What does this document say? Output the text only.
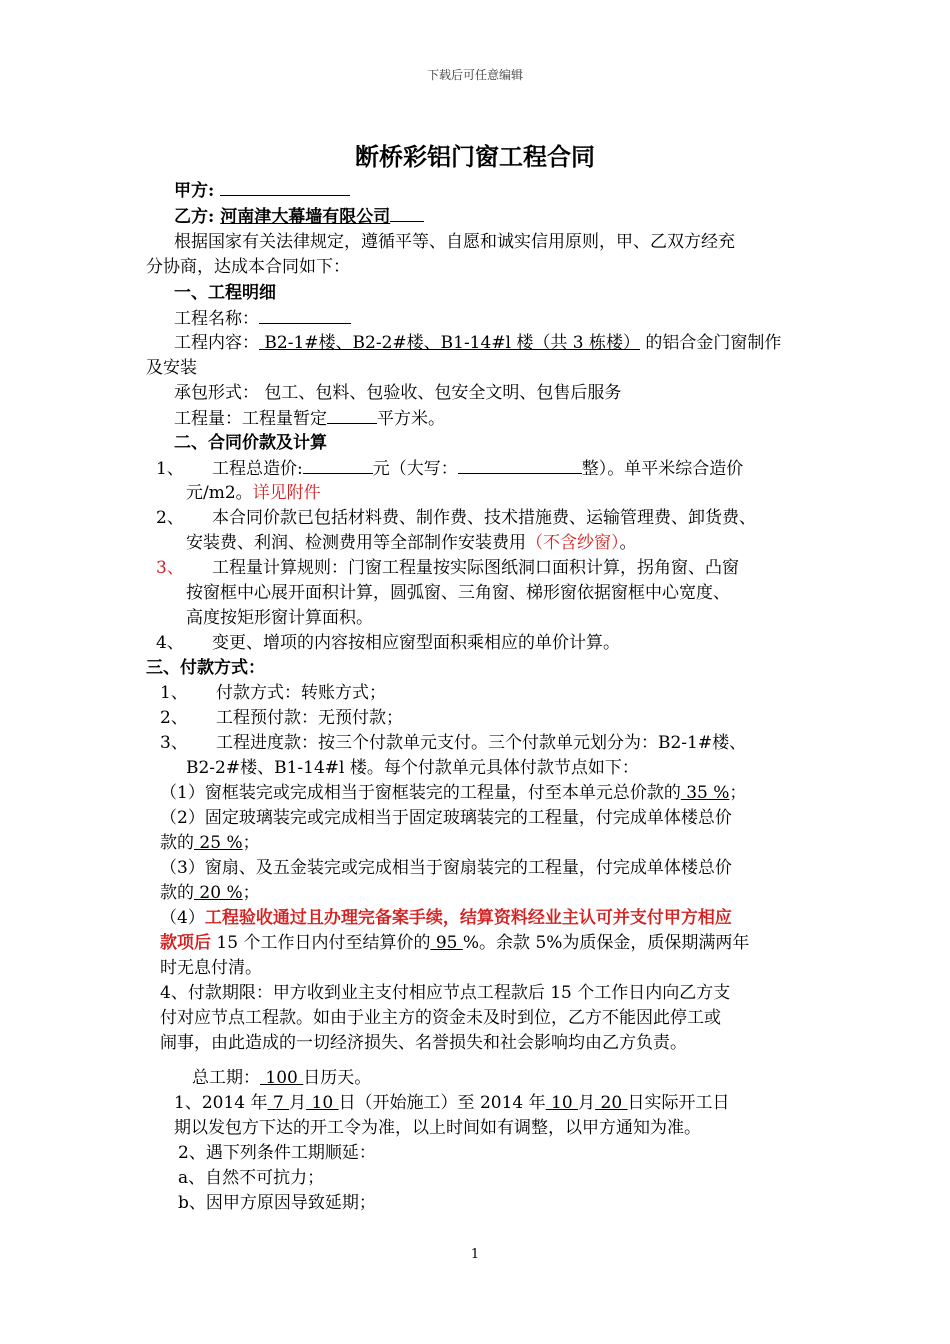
下载后可任意编辑
断桥彩铝门窗工程合同
甲方:
乙方: 河南津大幕墙有限公司
根据国家有关法律规定，遵循平等、自愿和诚实信用原则，甲、乙双方经充
分协商，达成本合同如下：
一、工程明细
工程名称：
工程内容： B2-1#楼、B2-2#楼、B1-14#l 楼（共 3 栋楼） 的铝合金门窗制作
及安装
承包形式： 包工、包料、包验收、包安全文明、包售后服务
工程量：工程量暂定	平方米。
二、合同价款及计算
1、 工程总造价:	元（大写：	整）。单平米综合造价
元/m2。详见附件
2、 本合同价款已包括材料费、制作费、技术措施费、运输管理费、卸货费、
安装费、利润、检测费用等全部制作安装费用（不含纱窗）。
3、 工程量计算规则：门窗工程量按实际图纸洞口面积计算，拐角窗、凸窗
按窗框中心展开面积计算，圆弧窗、三角窗、梯形窗依据窗框中心宽度、
高度按矩形窗计算面积。
4、 变更、增项的内容按相应窗型面积乘相应的单价计算。
三、付款方式：
1、 付款方式：转账方式；
2、 工程预付款：无预付款；
3、 工程进度款：按三个付款单元支付。三个付款单元划分为：B2-1#楼、
B2-2#楼、B1-14#l 楼。每个付款单元具体付款节点如下：
（1）窗框装完或完成相当于窗框装完的工程量，付至本单元总价款的 35 %；
（2）固定玻璃装完或完成相当于固定玻璃装完的工程量，付完成单体楼总价
款的 25 %；
（3）窗扇、及五金装完或完成相当于窗扇装完的工程量，付完成单体楼总价
款的 20 %；
（4）工程验收通过且办理完备案手续，结算资料经业主认可并支付甲方相应
款项后 15 个工作日内付至结算价的 95 %。余款 5%为质保金，质保期满两年
时无息付清。
4、付款期限：甲方收到业主支付相应节点工程款后 15 个工作日内向乙方支
付对应节点工程款。如由于业主方的资金未及时到位，乙方不能因此停工或
闹事，由此造成的一切经济损失、名誉损失和社会影响均由乙方负责。
总工期： 100 日历天。
1、2014 年 7 月 10 日（开始施工）至 2014 年 10 月 20 日实际开工日
期以发包方下达的开工令为准，以上时间如有调整，以甲方通知为准。
2、遇下列条件工期顺延：
a、自然不可抗力；
b、因甲方原因导致延期；
1
